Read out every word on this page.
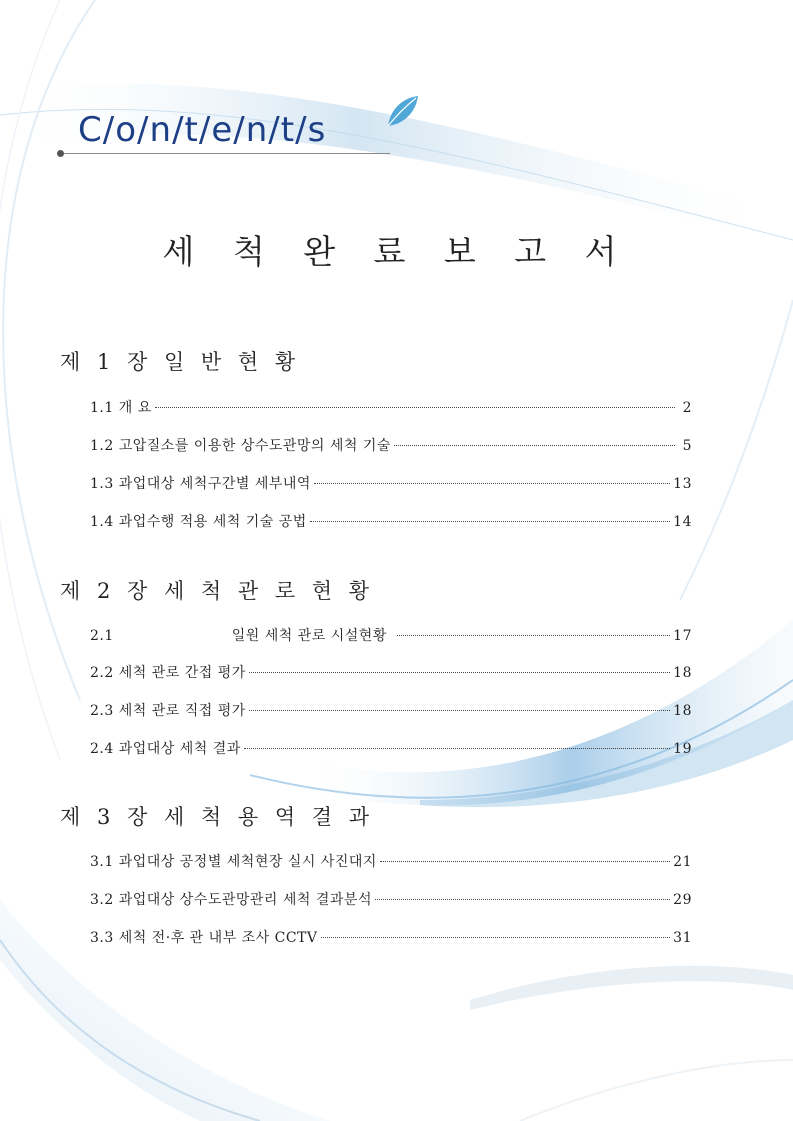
C/o/n/t/e/n/t/s
세 척 완 료 보 고 서
제 1 장 일 반 현 황
1.1 개 요	2
1.2 고압질소를 이용한 상수도관망의 세척 기술	5
1.3 과업대상 세척구간별 세부내역	13
1.4 과업수행 적용 세척 기술 공법	14
제 2 장 세 척 관 로 현 황
2.1	일원 세척 관로 시설현황	17
2.2 세척 관로 간접 평가	18
2.3 세척 관로 직접 평가	18
2.4 과업대상 세척 결과	19
제 3 장 세 척 용 역 결 과
3.1 과업대상 공정별 세척현장 실시 사진대지	21
3.2 과업대상 상수도관망관리 세척 결과분석	29
3.3 세척 전·후 관 내부 조사 CCTV	31
